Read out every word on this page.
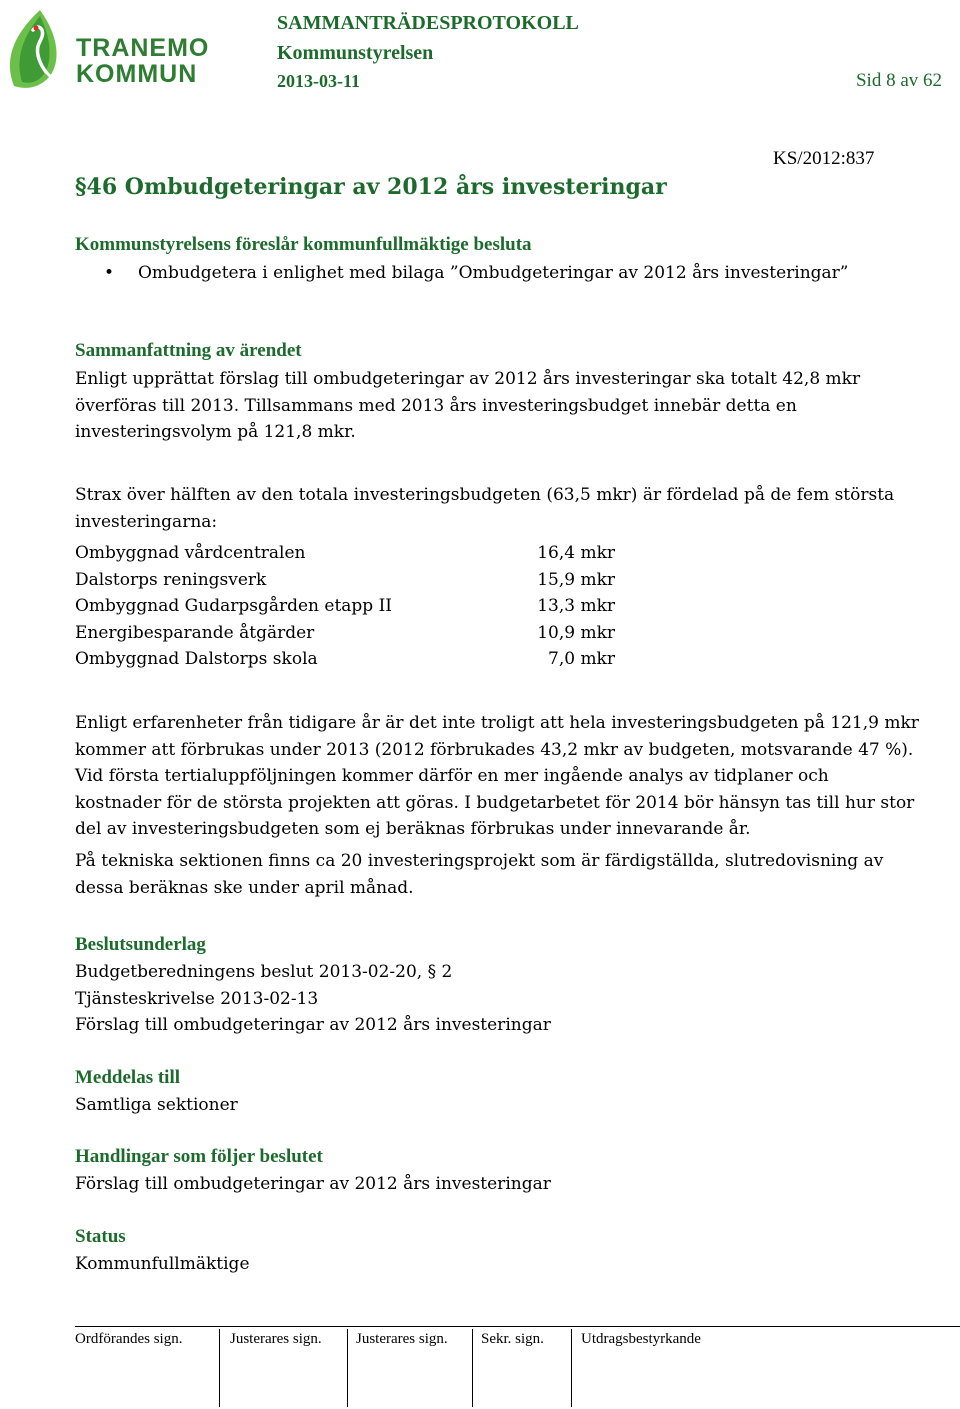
TRANEMO
KOMMUN
SAMMANTRÄDESPROTOKOLL
Kommunstyrelsen
2013-03-11	Sid 8 av 62
KS/2012:837
§46 Ombudgeteringar av 2012 års investeringar
Kommunstyrelsens föreslår kommunfullmäktige besluta
• Ombudgetera i enlighet med bilaga ”Ombudgeteringar av 2012 års investeringar”
Sammanfattning av ärendet
Enligt upprättat förslag till ombudgeteringar av 2012 års investeringar ska totalt 42,8 mkr
överföras till 2013. Tillsammans med 2013 års investeringsbudget innebär detta en
investeringsvolym på 121,8 mkr.
Strax över hälften av den totala investeringsbudgeten (63,5 mkr) är fördelad på de fem största
investeringarna:
Ombyggnad vårdcentralen	16,4 mkr
Dalstorps reningsverk	15,9 mkr
Ombyggnad Gudarpsgården etapp II	13,3 mkr
Energibesparande åtgärder	10,9 mkr
Ombyggnad Dalstorps skola	7,0 mkr
Enligt erfarenheter från tidigare år är det inte troligt att hela investeringsbudgeten på 121,9 mkr
kommer att förbrukas under 2013 (2012 förbrukades 43,2 mkr av budgeten, motsvarande 47 %).
Vid första tertialuppföljningen kommer därför en mer ingående analys av tidplaner och
kostnader för de största projekten att göras. I budgetarbetet för 2014 bör hänsyn tas till hur stor
del av investeringsbudgeten som ej beräknas förbrukas under innevarande år.
På tekniska sektionen finns ca 20 investeringsprojekt som är färdigställda, slutredovisning av
dessa beräknas ske under april månad.
Beslutsunderlag
Budgetberedningens beslut 2013-02-20, § 2
Tjänsteskrivelse 2013-02-13
Förslag till ombudgeteringar av 2012 års investeringar
Meddelas till
Samtliga sektioner
Handlingar som följer beslutet
Förslag till ombudgeteringar av 2012 års investeringar
Status
Kommunfullmäktige
Ordförandes sign.	Justerares sign. Justerares sign. Sekr. sign. Utdragsbestyrkande
